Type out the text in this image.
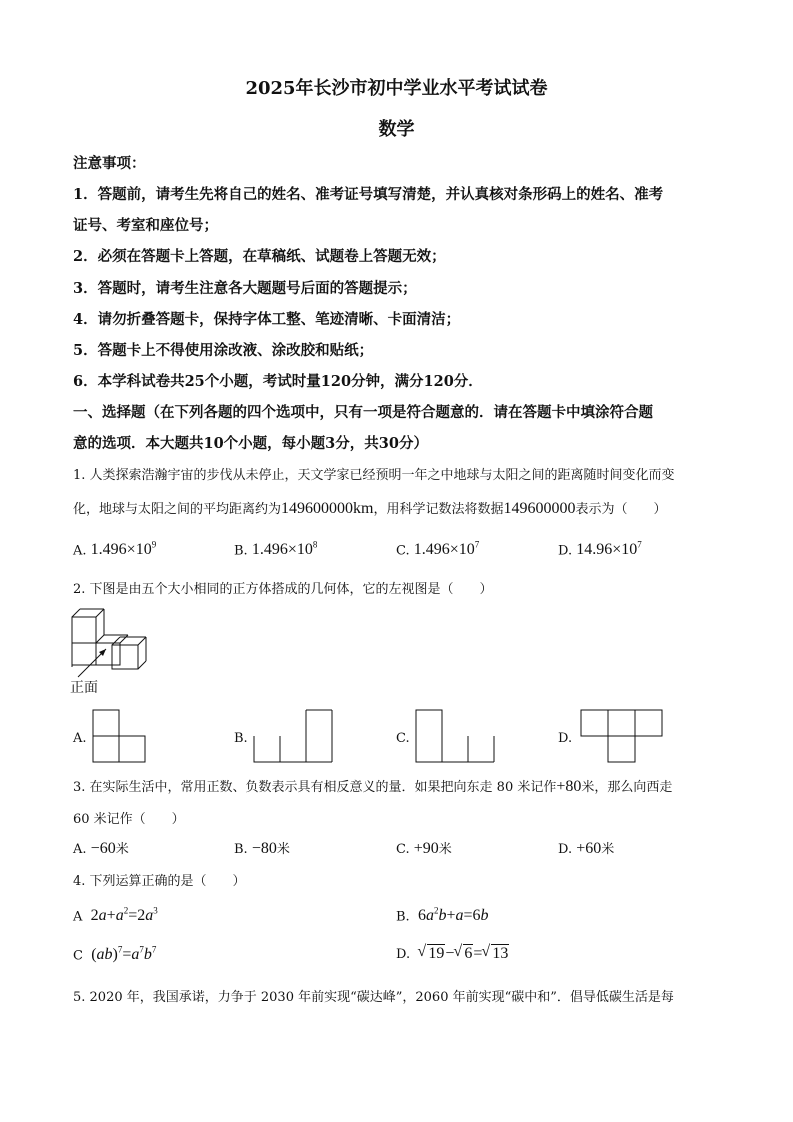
2025年长沙市初中学业水平考试试卷
数学
注意事项：
1．答题前，请考生先将自己的姓名、准考证号填写清楚，并认真核对条形码上的姓名、准考
证号、考室和座位号；
2．必须在答题卡上答题，在草稿纸、试题卷上答题无效；
3．答题时，请考生注意各大题题号后面的答题提示；
4．请勿折叠答题卡，保持字体工整、笔迹清晰、卡面清洁；
5．答题卡上不得使用涂改液、涂改胶和贴纸；
6．本学科试卷共25个小题，考试时量120分钟，满分120分．
一、选择题（在下列各题的四个选项中，只有一项是符合题意的．请在答题卡中填涂符合题
意的选项．本大题共10个小题，每小题3分，共30分）
1. 人类探索浩瀚宇宙的步伐从未停止，天文学家已经预明一年之中地球与太阳之间的距离随时间变化而变
化，地球与太阳之间的平均距离约为149600000km，用科学记数法将数据149600000表示为（　　）
A. $1.496\times 10^9$	B. $1.496\times 10^8$	C. $1.496\times 10^7$	D. $14.96\times 10^7$
2. 下图是由五个大小相同的正方体搭成的几何体，它的左视图是（　　）
正面
A.	B.	C.	D.
3. 在实际生活中，常用正数、负数表示具有相反意义的量．如果把向东走 80 米记作+80米，那么向西走
60 米记作（　　）
A. −60米	B. −80米	C. +90米	D. +60米
4. 下列运算正确的是（　　）
A $2a+a^2=2a^3$	B. $6a^2b+a=6b$
C $(ab)^7=a^7b^7$	D. √ 19− √ 6= √ 13
5. 2020 年，我国承诺，力争于 2030 年前实现“碳达峰”，2060 年前实现“碳中和”．倡导低碳生活是每
